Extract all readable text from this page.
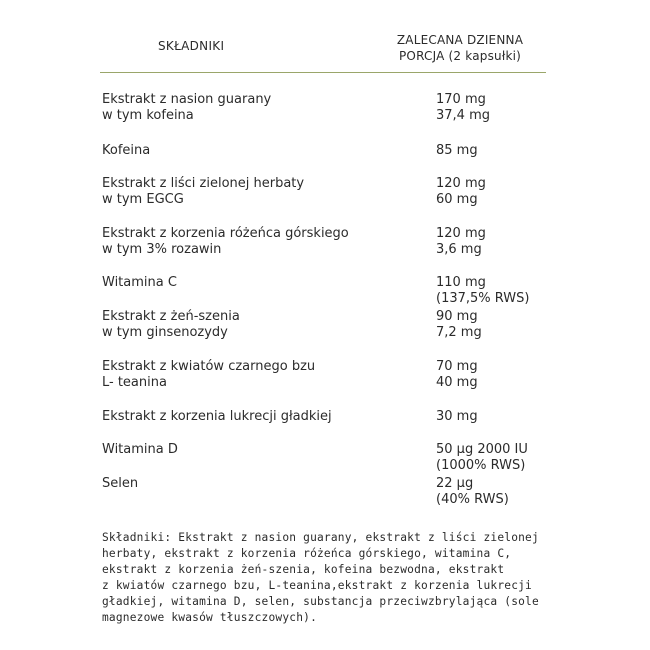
SKŁADNIKI	ZALECANA DZIENNA
PORCJA (2 kapsułki)
Ekstrakt z nasion guarany	170 mg
w tym kofeina	37,4 mg
Kofeina	85 mg
Ekstrakt z liści zielonej herbaty	120 mg
w tym EGCG	60 mg
Ekstrakt z korzenia różeńca górskiego	120 mg
w tym 3% rozawin	3,6 mg
Witamina C	110 mg
(137,5% RWS)
Ekstrakt z żeń-szenia	90 mg
w tym ginsenozydy	7,2 mg
Ekstrakt z kwiatów czarnego bzu	70 mg
L- teanina	40 mg
Ekstrakt z korzenia lukrecji gładkiej	30 mg
Witamina D	50 µg 2000 IU
(1000% RWS)
Selen	22 µg
(40% RWS)
Składniki: Ekstrakt z nasion guarany, ekstrakt z liści zielonej
herbaty, ekstrakt z korzenia różeńca górskiego, witamina C,
ekstrakt z korzenia żeń-szenia, kofeina bezwodna, ekstrakt
z kwiatów czarnego bzu, L-teanina,ekstrakt z korzenia lukrecji
gładkiej, witamina D, selen, substancja przeciwzbrylająca (sole
magnezowe kwasów tłuszczowych).
